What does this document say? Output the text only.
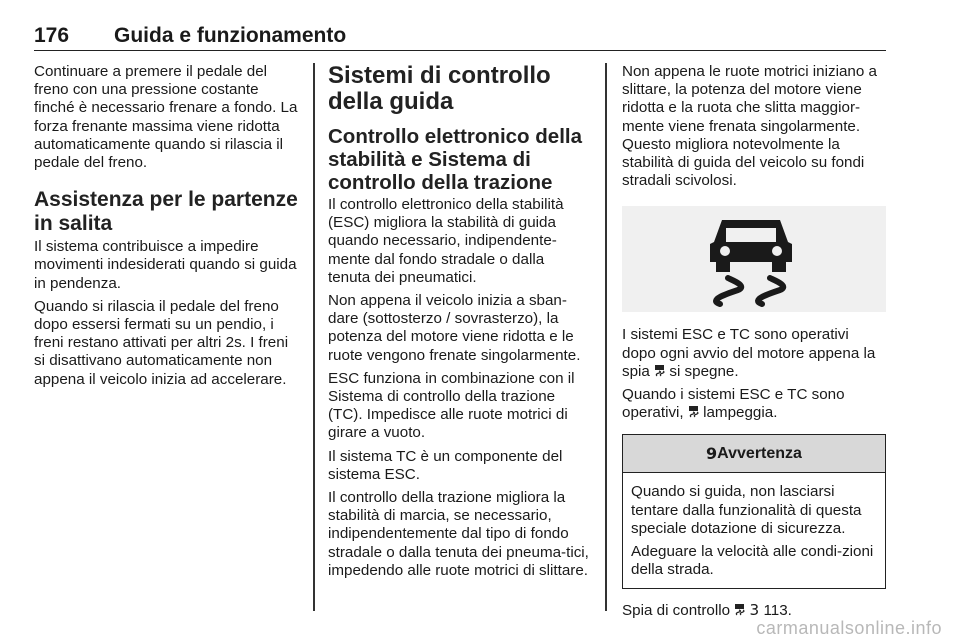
176 Guida e funzionamento

Continuare a premere il pedale del freno con una pressione costante finché è necessario frenare a fondo. La forza frenante massima viene ridotta automaticamente quando si rilascia il pedale del freno.

Assistenza per le partenze in salita

Il sistema contribuisce a impedire movimenti indesiderati quando si guida in pendenza.

Quando si rilascia il pedale del freno dopo essersi fermati su un pendio, i freni restano attivati per altri 2s. I freni si disattivano automaticamente non appena il veicolo inizia ad accelerare.

Sistemi di controllo della guida
Controllo elettronico della stabilità e Sistema di controllo della trazione

Il controllo elettronico della stabilità (ESC) migliora la stabilità di guida quando necessario, indipendente-mente dal fondo stradale o dalla tenuta dei pneumatici.

Non appena il veicolo inizia a sban-dare (sottosterzo / sovrasterzo), la potenza del motore viene ridotta e le ruote vengono frenate singolarmente.

ESC funziona in combinazione con il Sistema di controllo della trazione (TC). Impedisce alle ruote motrici di girare a vuoto.

Il sistema TC è un componente del sistema ESC.

Il controllo della trazione migliora la stabilità di marcia, se necessario, indipendentemente dal tipo di fondo stradale o dalla tenuta dei pneuma-tici, impedendo alle ruote motrici di slittare.

Non appena le ruote motrici iniziano a slittare, la potenza del motore viene ridotta e la ruota che slitta maggior-mente viene frenata singolarmente. Questo migliora notevolmente la stabilità di guida del veicolo su fondi stradali scivolosi.

I sistemi ESC e TC sono operativi dopo ogni avvio del motore appena la spia si spegne.

Quando i sistemi ESC e TC sono operativi, lampeggia.

9 Avvertenza

Quando si guida, non lasciarsi tentare dalla funzionalità di questa speciale dotazione di sicurezza.

Adeguare la velocità alle condi-zioni della strada.

Spia di controllo 3 113.

carmanualsonline.info
